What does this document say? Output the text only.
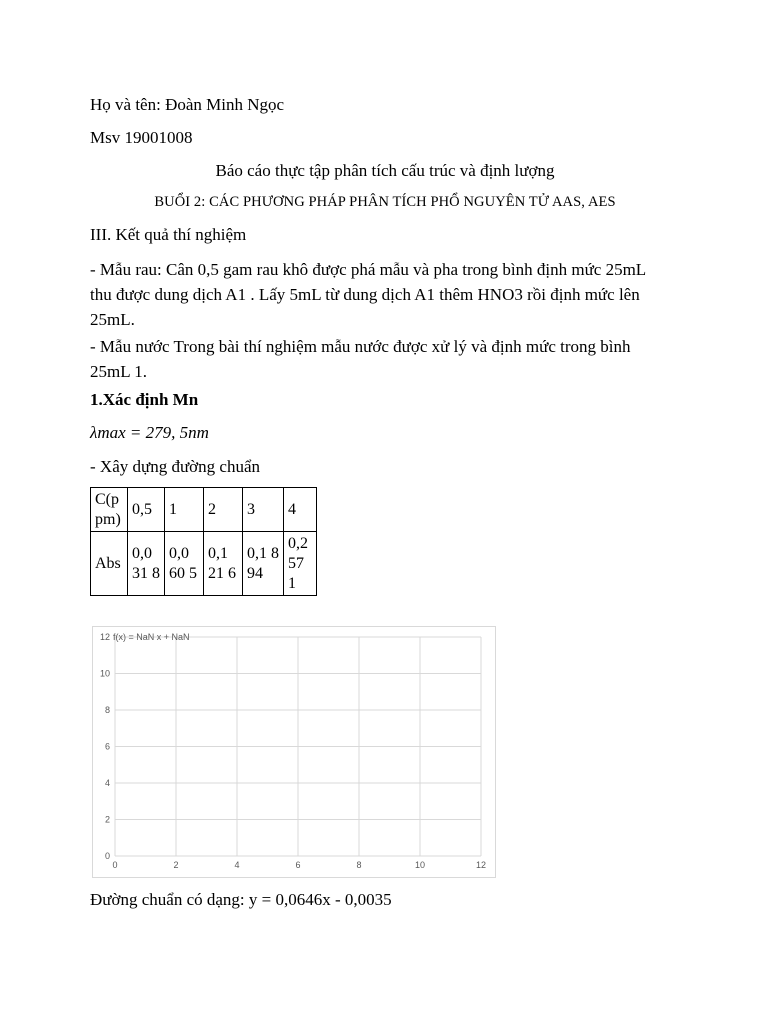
Họ và tên: Đoàn Minh Ngọc
Msv 19001008
Báo cáo thực tập phân tích cấu trúc và định lượng
BUỔI 2: CÁC PHƯƠNG PHÁP PHÂN TÍCH PHỔ NGUYÊN TỬ AAS, AES
III. Kết quả thí nghiệm
- Mẫu rau: Cân 0,5 gam rau khô được phá mẫu và pha trong bình định mức 25mL
thu được dung dịch A1 . Lấy 5mL từ dung dịch A1 thêm HNO3 rồi định mức lên
25mL.
- Mẫu nước Trong bài thí nghiệm mẫu nước được xử lý và định mức trong bình
25mL 1.
1.Xác định Mn
λmax = 279, 5nm
- Xây dựng đường chuẩn
C(p pm)	0,5	1	2	3	4
Abs	0,0 31 8	0,0 60 5	0,1 21 6	0,1 894	0,2 57 1
0	2	4	6	8	10	12
0
2
4
6
8
10
12 f(x) = NaN x + NaN
Đường chuẩn có dạng: y = 0,0646x - 0,0035
